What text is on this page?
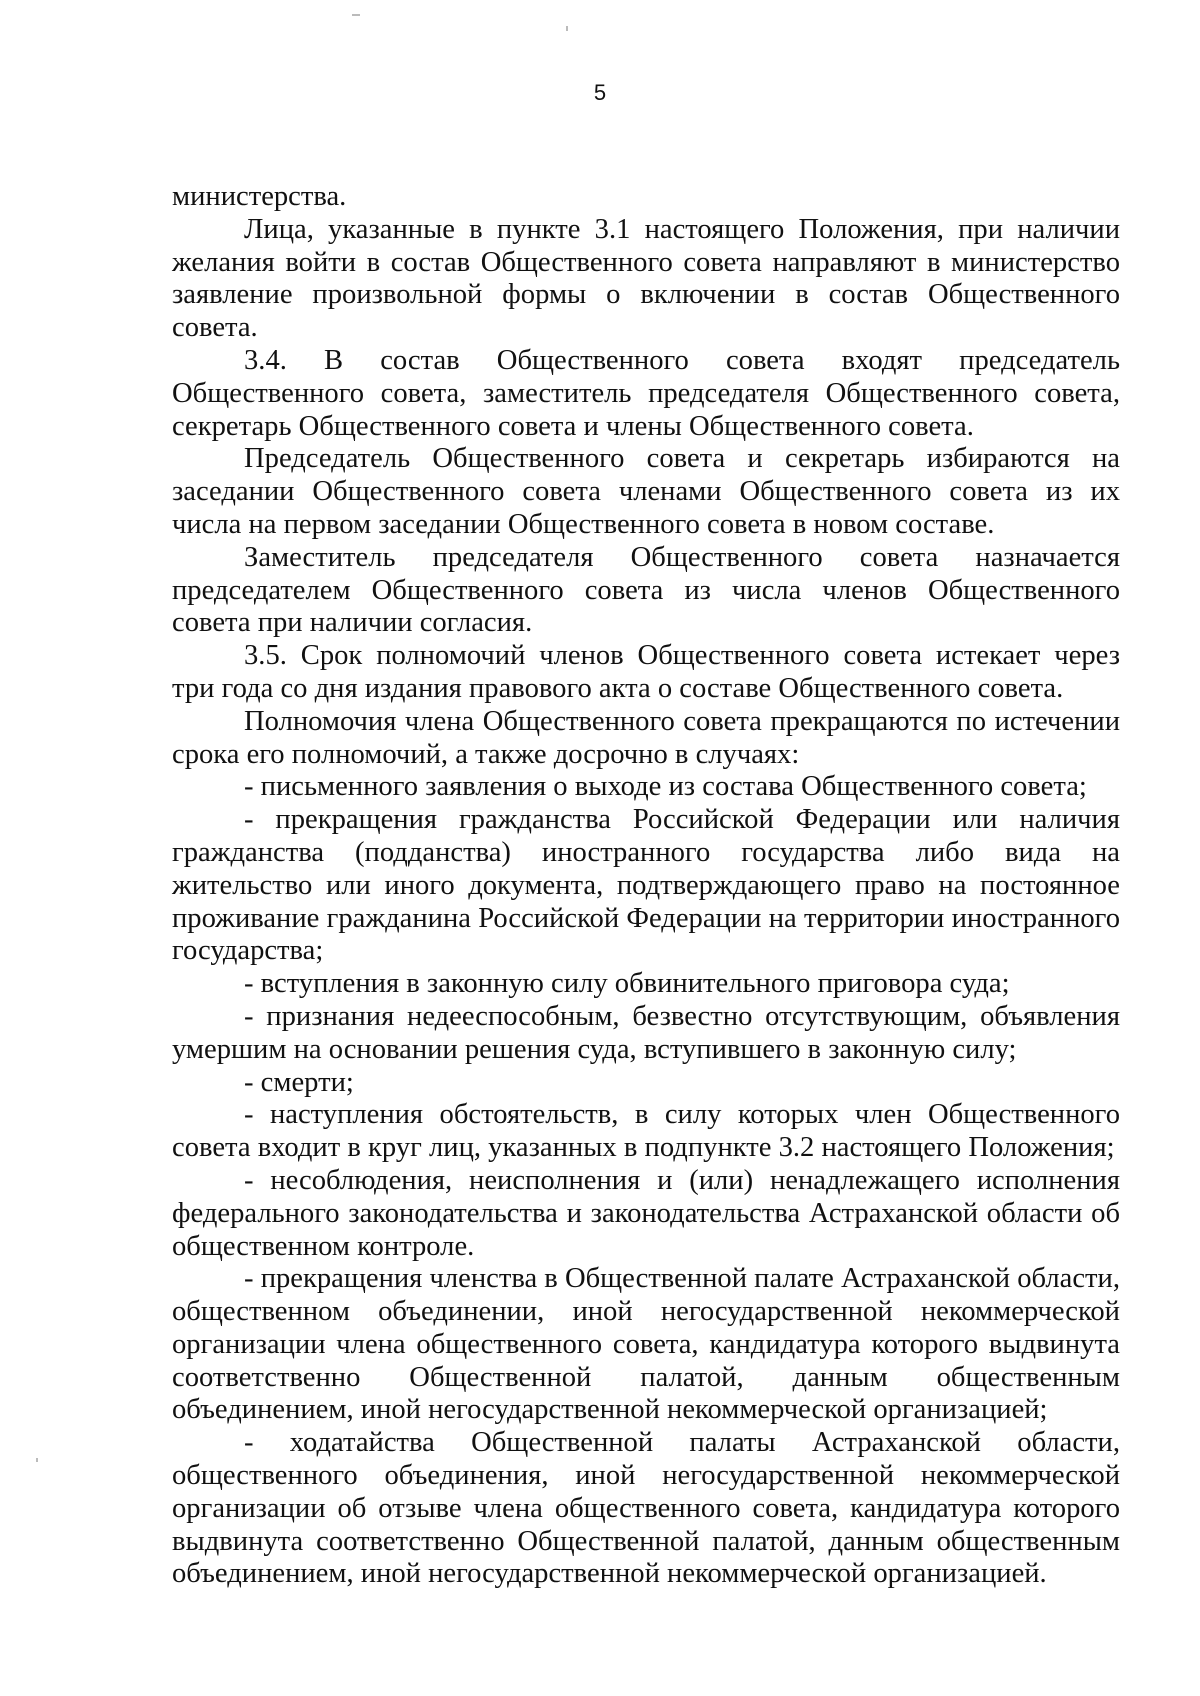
5

министерства.

Лица, указанные в пункте 3.1 настоящего Положения, при наличии желания войти в состав Общественного совета направляют в министерство заявление произвольной формы о включении в состав Общественного совета.

3.4. В состав Общественного совета входят председатель Общественного совета, заместитель председателя Общественного совета, секретарь Общественного совета и члены Общественного совета.

Председатель Общественного совета и секретарь избираются на заседании Общественного совета членами Общественного совета из их числа на первом заседании Общественного совета в новом составе.

Заместитель председателя Общественного совета назначается председателем Общественного совета из числа членов Общественного совета при наличии согласия.

3.5. Срок полномочий членов Общественного совета истекает через три года со дня издания правового акта о составе Общественного совета.

Полномочия члена Общественного совета прекращаются по истечении срока его полномочий, а также досрочно в случаях:

- письменного заявления о выходе из состава Общественного совета;

- прекращения гражданства Российской Федерации или наличия гражданства (подданства) иностранного государства либо вида на жительство или иного документа, подтверждающего право на постоянное проживание гражданина Российской Федерации на территории иностранного государства;

- вступления в законную силу обвинительного приговора суда;

- признания недееспособным, безвестно отсутствующим, объявления умершим на основании решения суда, вступившего в законную силу;

- смерти;

- наступления обстоятельств, в силу которых член Общественного совета входит в круг лиц, указанных в подпункте 3.2 настоящего Положения;

- несоблюдения, неисполнения и (или) ненадлежащего исполнения федерального законодательства и законодательства Астраханской области об общественном контроле.

- прекращения членства в Общественной палате Астраханской области, общественном объединении, иной негосударственной некоммерческой организации члена общественного совета, кандидатура которого выдвинута соответственно Общественной палатой, данным общественным объединением, иной негосударственной некоммерческой организацией;

- ходатайства Общественной палаты Астраханской области, общественного объединения, иной негосударственной некоммерческой организации об отзыве члена общественного совета, кандидатура которого выдвинута соответственно Общественной палатой, данным общественным объединением, иной негосударственной некоммерческой организацией.
